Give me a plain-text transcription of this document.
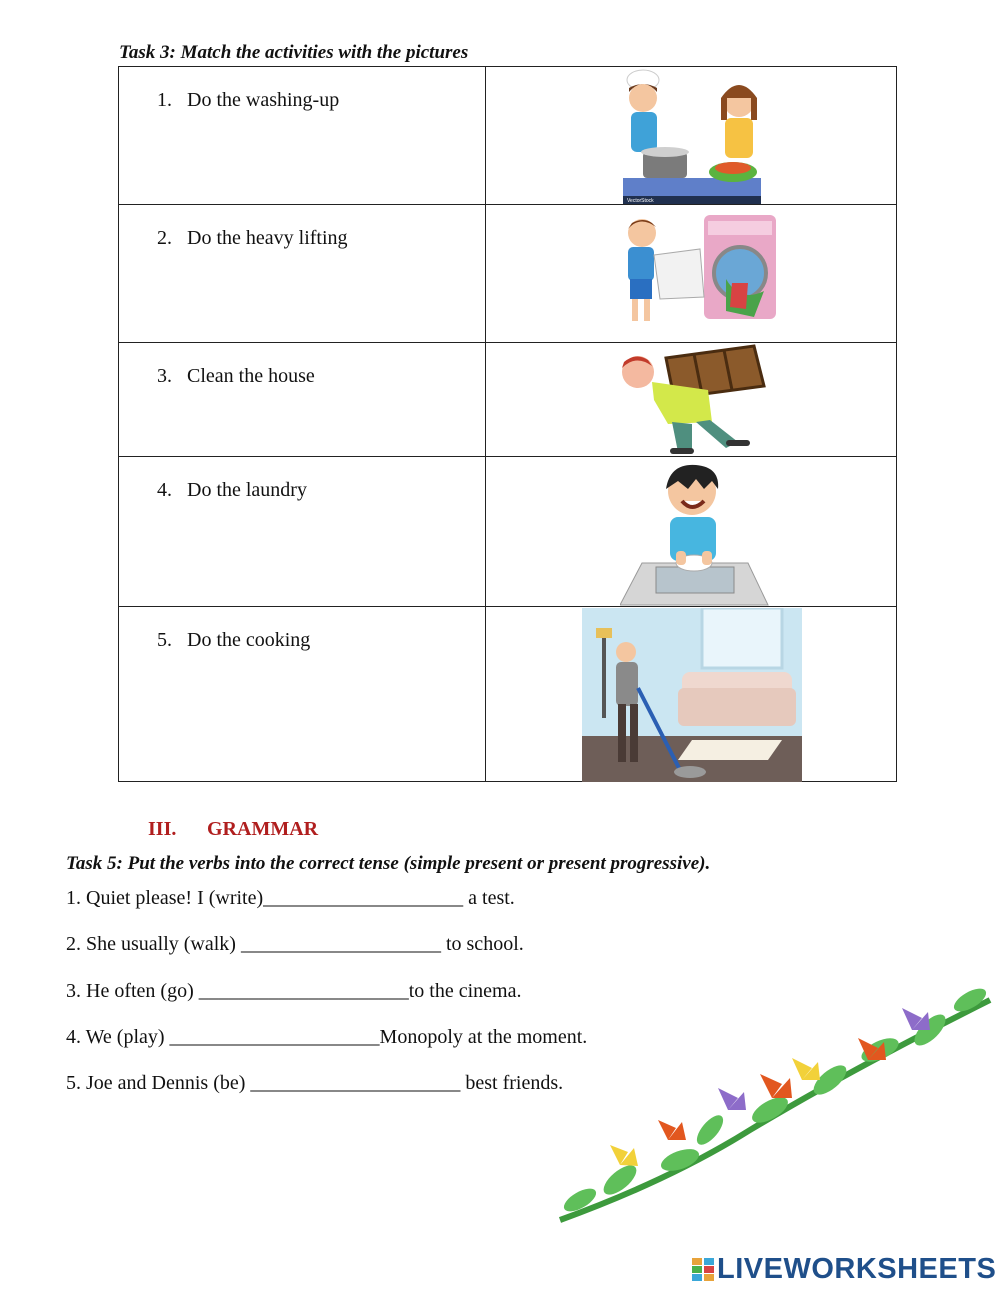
Task 3: Match the activities with the pictures
1. Do the washing-up	VectorStock

2. Do the heavy lifting

3. Clean the house

4. Do the laundry

5. Do the cooking

III. GRAMMAR
Task 5: Put the verbs into the correct tense (simple present or present progressive).
1. Quiet please! I (write)____________________ a test.
2. She usually (walk) ____________________ to school.
3. He often (go) _____________________to the cinema.
4. We (play) _____________________Monopoly at the moment.
5. Joe and Dennis (be) _____________________ best friends.
LIVEWORKSHEETS
